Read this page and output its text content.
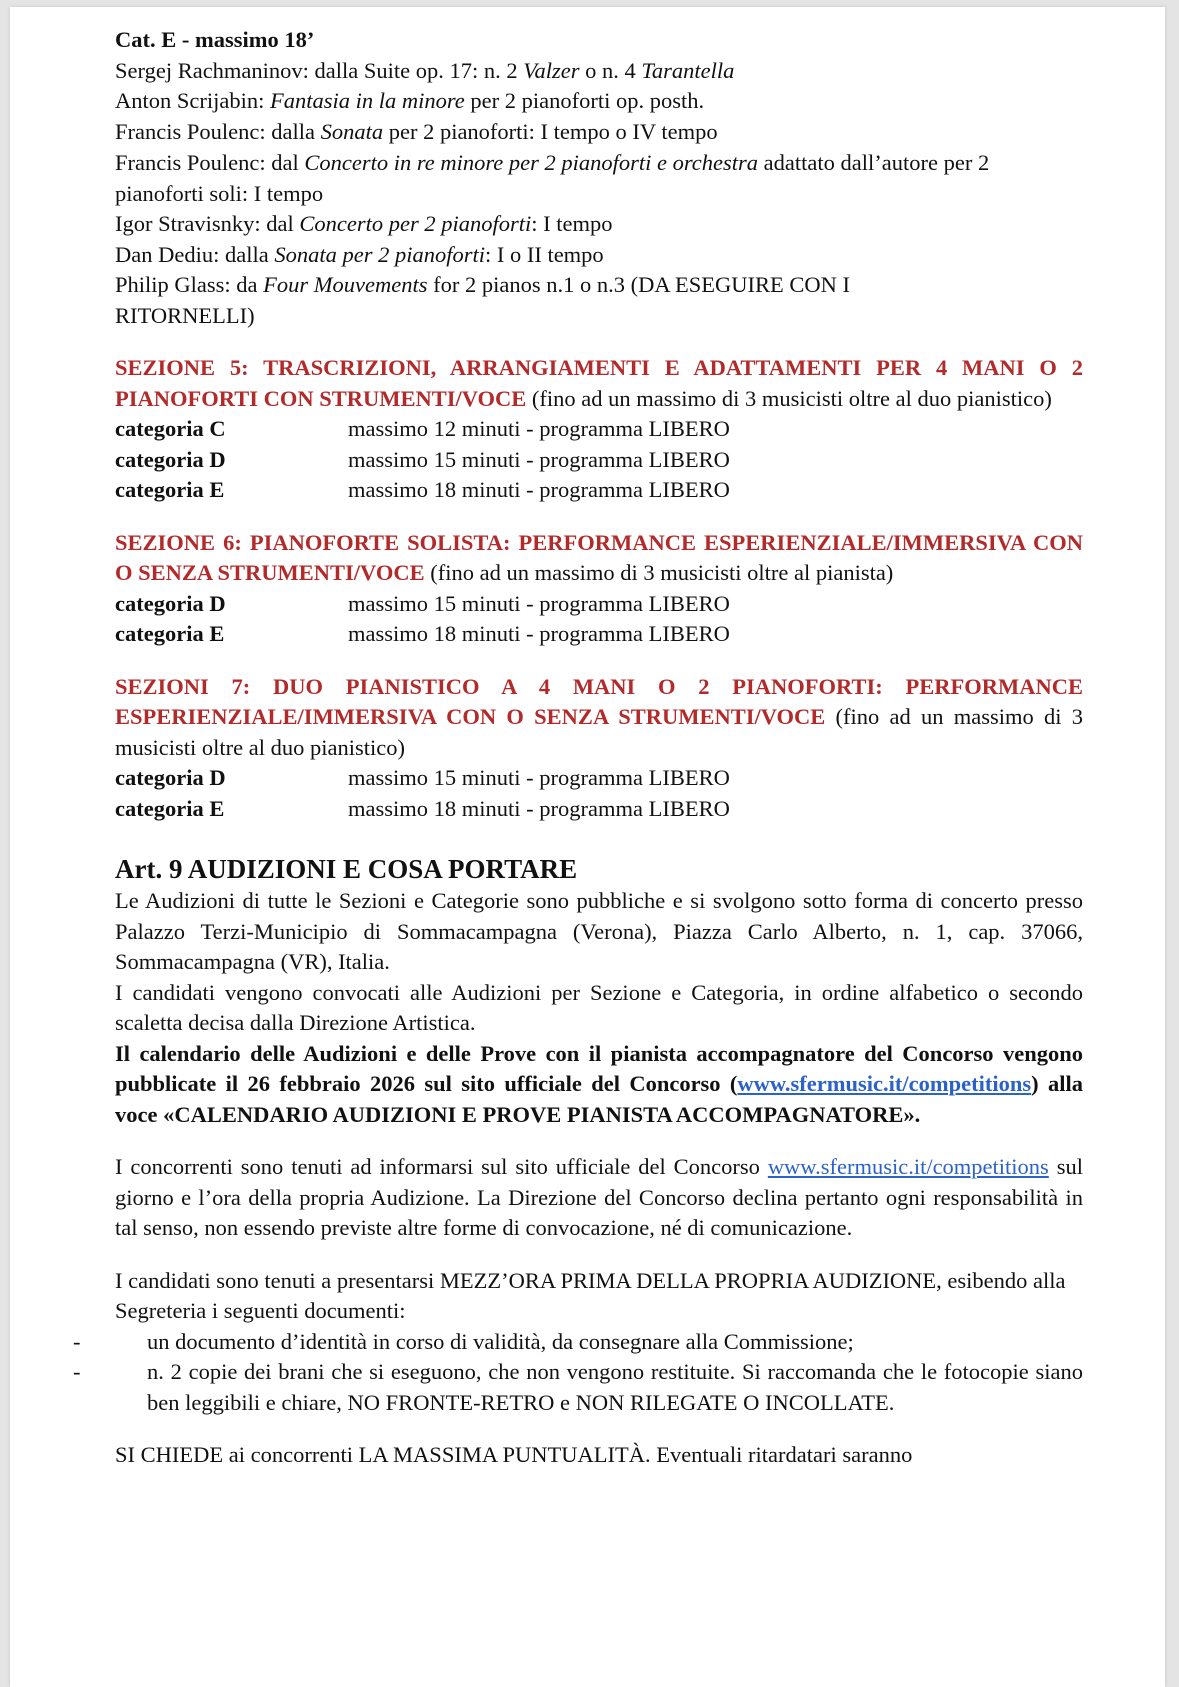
Cat. E - massimo 18’

Sergej Rachmaninov: dalla Suite op. 17: n. 2 Valzer o n. 4 Tarantella

Anton Scrijabin: Fantasia in la minore per 2 pianoforti op. posth.

Francis Poulenc: dalla Sonata per 2 pianoforti: I tempo o IV tempo

Francis Poulenc: dal Concerto in re minore per 2 pianoforti e orchestra adattato dall’autore per 2 pianoforti soli: I tempo

Igor Stravisnky: dal Concerto per 2 pianoforti: I tempo

Dan Dediu: dalla Sonata per 2 pianoforti: I o II tempo

Philip Glass: da Four Mouvements for 2 pianos n.1 o n.3 (DA ESEGUIRE CON I RITORNELLI)

SEZIONE 5: TRASCRIZIONI, ARRANGIAMENTI E ADATTAMENTI PER 4 MANI O 2 PIANOFORTI CON STRUMENTI/VOCE (fino ad un massimo di 3 musicisti oltre al duo pianistico)

categoria C	massimo 12 minuti - programma LIBERO
categoria D	massimo 15 minuti - programma LIBERO
categoria E	massimo 18 minuti - programma LIBERO

SEZIONE 6: PIANOFORTE SOLISTA: PERFORMANCE ESPERIENZIALE/IMMERSIVA CON O SENZA STRUMENTI/VOCE (fino ad un massimo di 3 musicisti oltre al pianista)

categoria D	massimo 15 minuti - programma LIBERO
categoria E	massimo 18 minuti - programma LIBERO

SEZIONI 7: DUO PIANISTICO A 4 MANI O 2 PIANOFORTI: PERFORMANCE ESPERIENZIALE/IMMERSIVA CON O SENZA STRUMENTI/VOCE (fino ad un massimo di 3 musicisti oltre al duo pianistico)

categoria D	massimo 15 minuti - programma LIBERO
categoria E	massimo 18 minuti - programma LIBERO

Art. 9 AUDIZIONI E COSA PORTARE

Le Audizioni di tutte le Sezioni e Categorie sono pubbliche e si svolgono sotto forma di concerto presso Palazzo Terzi-Municipio di Sommacampagna (Verona), Piazza Carlo Alberto, n. 1, cap. 37066, Sommacampagna (VR), Italia.

I candidati vengono convocati alle Audizioni per Sezione e Categoria, in ordine alfabetico o secondo scaletta decisa dalla Direzione Artistica.

Il calendario delle Audizioni e delle Prove con il pianista accompagnatore del Concorso vengono pubblicate il 26 febbraio 2026 sul sito ufficiale del Concorso (www.sfermusic.it/competitions) alla voce «CALENDARIO AUDIZIONI E PROVE PIANISTA ACCOMPAGNATORE».

I concorrenti sono tenuti ad informarsi sul sito ufficiale del Concorso www.sfermusic.it/competitions sul giorno e l’ora della propria Audizione. La Direzione del Concorso declina pertanto ogni responsabilità in tal senso, non essendo previste altre forme di convocazione, né di comunicazione.

I candidati sono tenuti a presentarsi MEZZ’ORA PRIMA DELLA PROPRIA AUDIZIONE, esibendo alla Segreteria i seguenti documenti:

-	un documento d’identità in corso di validità, da consegnare alla Commissione;
-	n. 2 copie dei brani che si eseguono, che non vengono restituite. Si raccomanda che le fotocopie siano ben leggibili e chiare, NO FRONTE-RETRO e NON RILEGATE O INCOLLATE.

SI CHIEDE ai concorrenti LA MASSIMA PUNTUALITÀ. Eventuali ritardatari saranno
